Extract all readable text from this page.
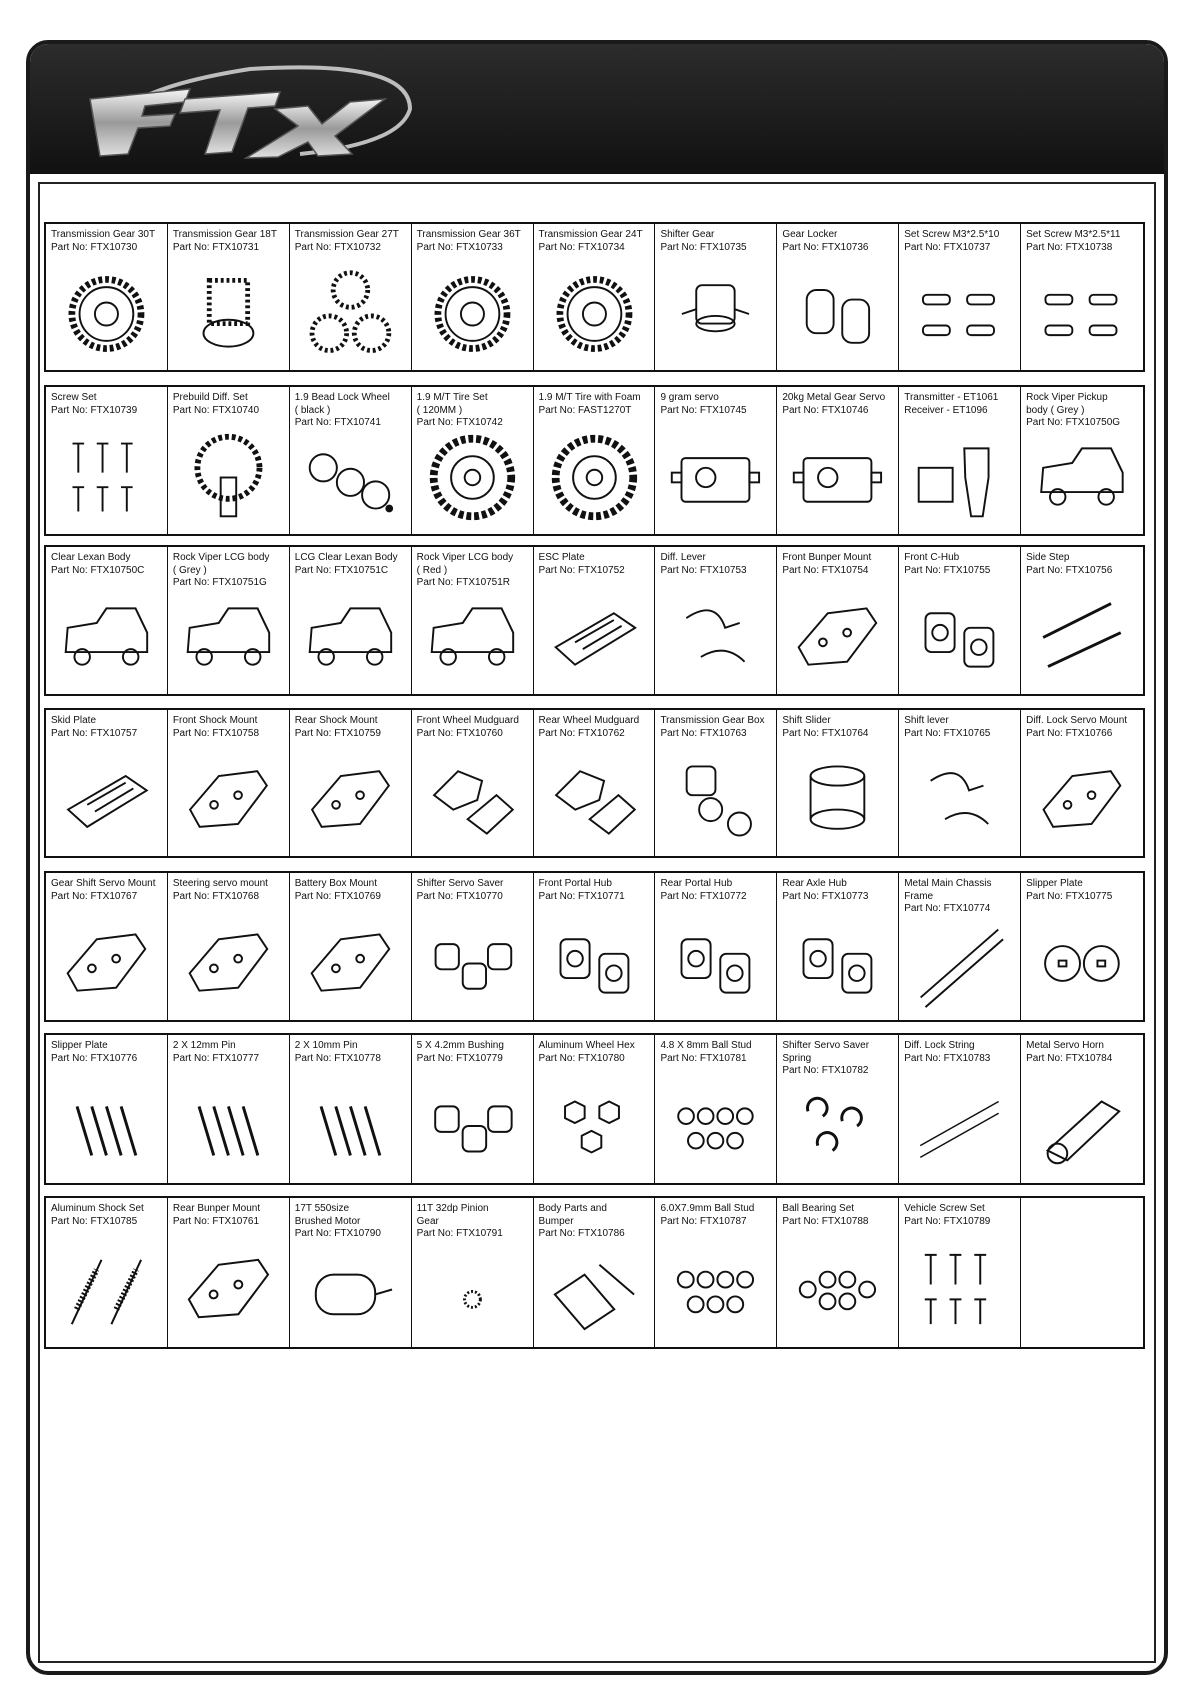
Transmission Gear 30T
Part No: FTX10730
Transmission Gear 18T
Part No: FTX10731
Transmission Gear 27T
Part No: FTX10732
Transmission Gear 36T
Part No: FTX10733
Transmission Gear 24T
Part No: FTX10734
Shifter Gear
Part No: FTX10735
Gear Locker
Part No: FTX10736
Set Screw M3*2.5*10
Part No: FTX10737
Set Screw M3*2.5*11
Part No: FTX10738
Screw Set
Part No: FTX10739
Prebuild Diff. Set
Part No: FTX10740
1.9 Bead Lock Wheel
( black )
Part No: FTX10741
1.9 M/T Tire Set
( 120MM )
Part No: FTX10742
1.9 M/T Tire with Foam
Part No: FAST1270T
9 gram servo
Part No: FTX10745
20kg Metal Gear Servo
Part No: FTX10746
Transmitter - ET1061
Receiver - ET1096
Rock Viper Pickup
body ( Grey )
Part No: FTX10750G
Clear Lexan Body
Part No: FTX10750C
Rock Viper LCG body
( Grey )
Part No: FTX10751G
LCG Clear Lexan Body
Part No: FTX10751C
Rock Viper LCG body
( Red )
Part No: FTX10751R
ESC Plate
Part No: FTX10752
Diff. Lever
Part No: FTX10753
Front Bunper Mount
Part No: FTX10754
Front C-Hub
Part No: FTX10755
Side Step
Part No: FTX10756
Skid Plate
Part No: FTX10757
Front Shock Mount
Part No: FTX10758
Rear Shock Mount
Part No: FTX10759
Front Wheel Mudguard
Part No: FTX10760
Rear Wheel Mudguard
Part No: FTX10762
Transmission Gear Box
Part No: FTX10763
Shift Slider
Part No: FTX10764
Shift lever
Part No: FTX10765
Diff. Lock Servo Mount
Part No: FTX10766
Gear Shift Servo Mount
Part No: FTX10767
Steering servo mount
Part No: FTX10768
Battery Box Mount
Part No: FTX10769
Shifter Servo Saver
Part No: FTX10770
Front Portal Hub
Part No: FTX10771
Rear Portal Hub
Part No: FTX10772
Rear Axle Hub
Part No: FTX10773
Metal Main Chassis Frame
Part No: FTX10774
Slipper Plate
Part No: FTX10775
Slipper Plate
Part No: FTX10776
2 X 12mm Pin
Part No: FTX10777
2 X 10mm Pin
Part No: FTX10778
5 X 4.2mm Bushing
Part No: FTX10779
Aluminum Wheel Hex
Part No: FTX10780
4.8 X 8mm Ball Stud
Part No: FTX10781
Shifter Servo Saver Spring
Part No: FTX10782
Diff. Lock String
Part No: FTX10783
Metal Servo Horn
Part No: FTX10784
Aluminum Shock Set
Part No: FTX10785
Rear Bunper Mount
Part No: FTX10761
17T 550size
Brushed Motor
Part No: FTX10790
11T 32dp Pinion
Gear
Part No: FTX10791
Body Parts and
Bumper
Part No: FTX10786
6.0X7.9mm Ball Stud
Part No: FTX10787
Ball Bearing Set
Part No: FTX10788
Vehicle Screw Set
Part No: FTX10789
